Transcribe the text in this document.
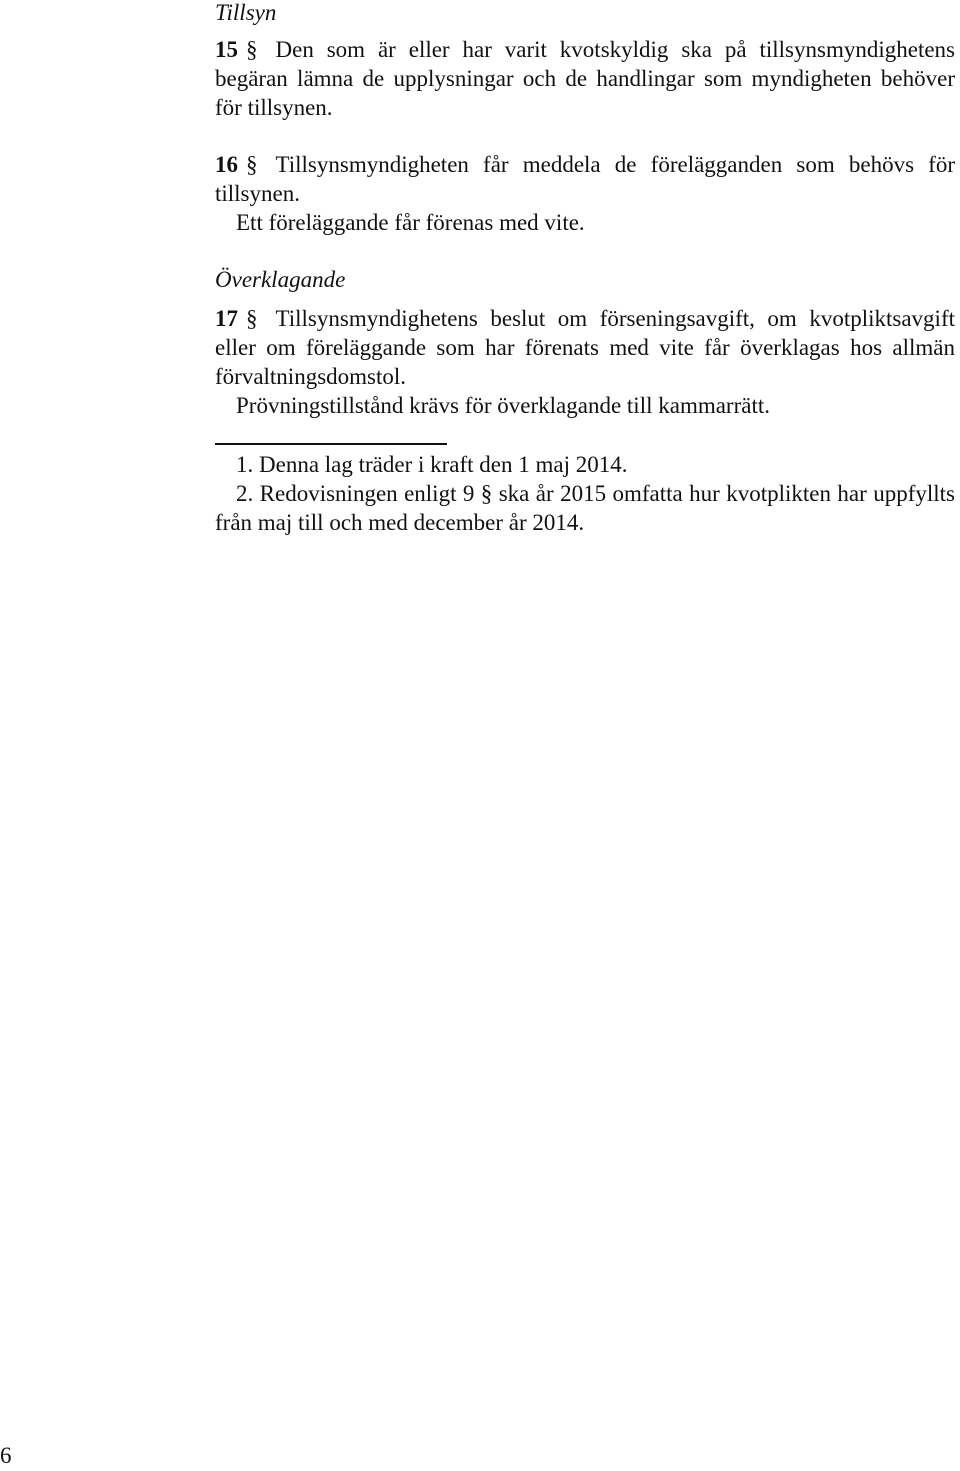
Tillsyn

15 § Den som är eller har varit kvotskyldig ska på tillsynsmyndighetens begäran lämna de upplysningar och de handlingar som myndigheten behöver för tillsynen.

16 § Tillsynsmyndigheten får meddela de förelägganden som behövs för tillsynen.

Ett föreläggande får förenas med vite.

Överklagande

17 § Tillsynsmyndighetens beslut om förseningsavgift, om kvotpliktsavgift eller om föreläggande som har förenats med vite får överklagas hos allmän förvaltningsdomstol.

Prövningstillstånd krävs för överklagande till kammarrätt.

1. Denna lag träder i kraft den 1 maj 2014.

2. Redovisningen enligt 9 § ska år 2015 omfatta hur kvotplikten har uppfyllts från maj till och med december år 2014.

6
